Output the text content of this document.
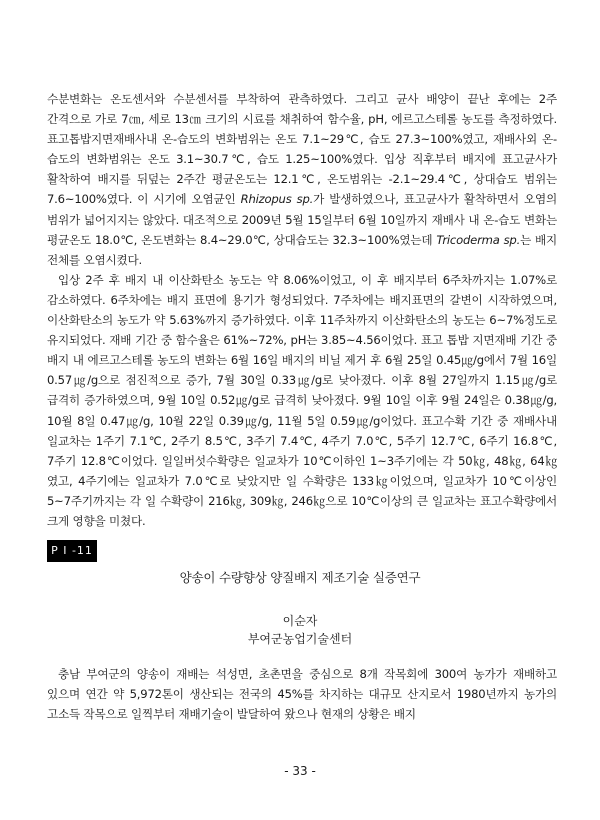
수분변화는 온도센서와 수분센서를 부착하여 관측하였다. 그리고 균사 배양이 끝난 후에는 2주 간격으로 가로 7㎝, 세로 13㎝ 크기의 시료를 채취하여 함수율, pH, 에르고스테롤 농도를 측정하였다. 표고톱밥지면재배사내 온-습도의 변화범위는 온도 7.1~29℃, 습도 27.3~100%였고, 재배사외 온-습도의 변화범위는 온도 3.1~30.7℃, 습도 1.25~100%였다. 입상 직후부터 배지에 표고균사가 활착하여 배지를 뒤덮는 2주간 평균온도는 12.1℃, 온도범위는 -2.1~29.4℃, 상대습도 범위는 7.6~100%였다. 이 시기에 오염균인 Rhizopus sp.가 발생하였으나, 표고균사가 활착하면서 오염의 범위가 넓어지지는 않았다. 대조적으로 2009년 5월 15일부터 6월 10일까지 재배사 내 온-습도 변화는 평균온도 18.0℃, 온도변화는 8.4~29.0℃, 상대습도는 32.3~100%였는데 Tricoderma sp.는 배지 전체를 오염시켰다.

입상 2주 후 배지 내 이산화탄소 농도는 약 8.06%이었고, 이 후 배지부터 6주차까지는 1.07%로 감소하였다. 6주차에는 배지 표면에 용기가 형성되었다. 7주차에는 배지표면의 갈변이 시작하였으며, 이산화탄소의 농도가 약 5.63%까지 증가하였다. 이후 11주차까지 이산화탄소의 농도는 6~7%정도로 유지되었다. 재배 기간 중 함수율은 61%~72%, pH는 3.85~4.56이었다. 표고 톱밥 지면재배 기간 중 배지 내 에르고스테롤 농도의 변화는 6월 16일 배지의 비닐 제거 후 6월 25일 0.45㎍/g에서 7월 16일 0.57㎍/g으로 점진적으로 증가, 7월 30일 0.33㎍/g로 낮아졌다. 이후 8월 27일까지 1.15㎍/g로 급격히 증가하였으며, 9월 10일 0.52㎍/g로 급격히 낮아졌다. 9월 10일 이후 9월 24일은 0.38㎍/g, 10월 8일 0.47㎍/g, 10월 22일 0.39㎍/g, 11월 5일 0.59㎍/g이었다. 표고수확 기간 중 재배사내 일교차는 1주기 7.1℃, 2주기 8.5℃, 3주기 7.4℃, 4주기 7.0℃, 5주기 12.7℃, 6주기 16.8℃, 7주기 12.8℃이었다. 일일버섯수확량은 일교차가 10℃이하인 1~3주기에는 각 50㎏, 48㎏, 64㎏였고, 4주기에는 일교차가 7.0℃로 낮았지만 일 수확량은 133㎏이었으며, 일교차가 10℃이상인 5~7주기까지는 각 일 수확량이 216㎏, 309㎏, 246㎏으로 10℃이상의 큰 일교차는 표고수확량에서 크게 영향을 미쳤다.

P I -11
양송이 수량향상 양질배지 제조기술 실증연구
이순자
부여군농업기술센터

충남 부여군의 양송이 재배는 석성면, 초촌면을 중심으로 8개 작목회에 300여 농가가 재배하고 있으며 연간 약 5,972톤이 생산되는 전국의 45%를 차지하는 대규모 산지로서 1980년까지 농가의 고소득 작목으로 일찍부터 재배기술이 발달하여 왔으나 현재의 상황은 배지

- 33 -
